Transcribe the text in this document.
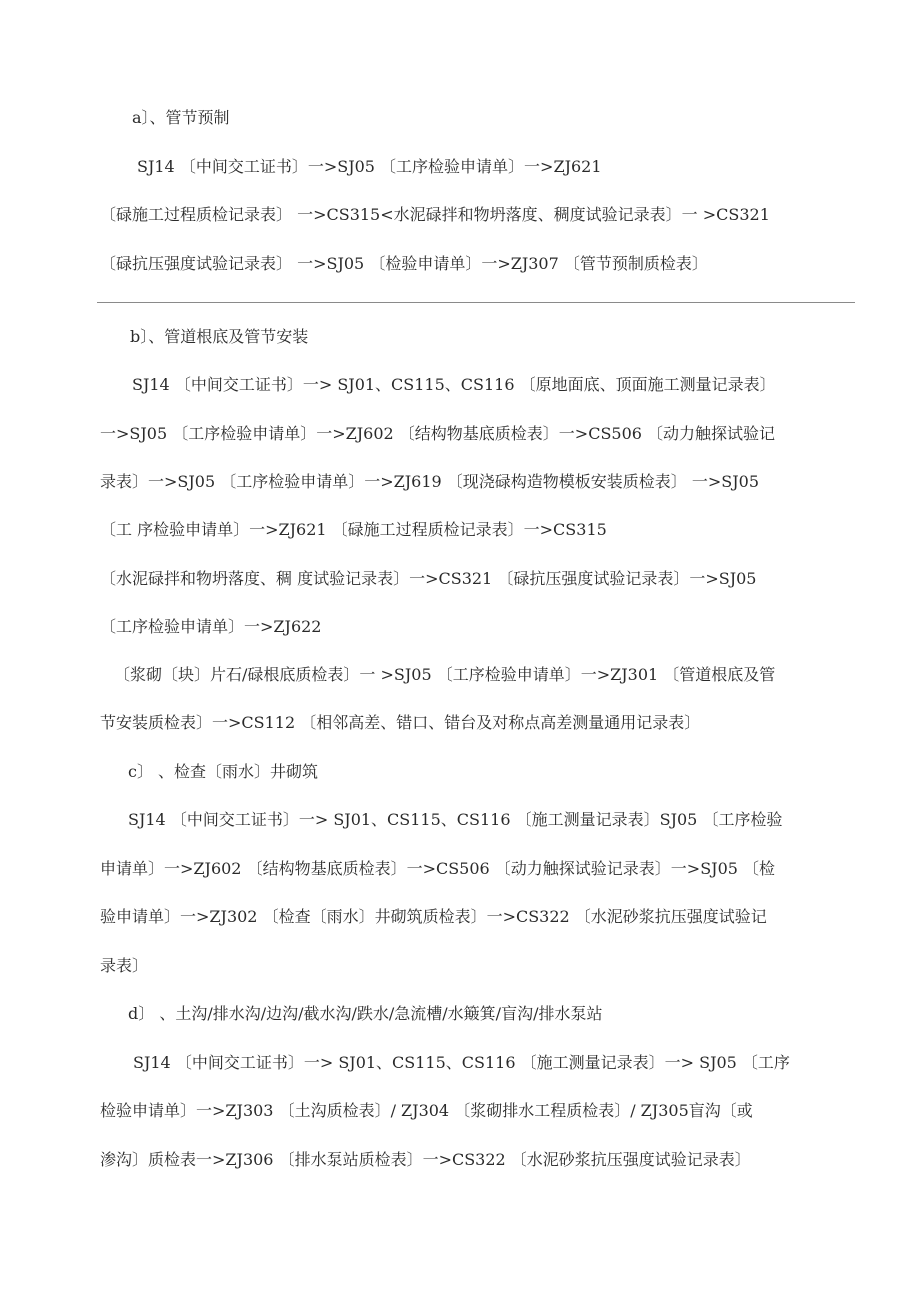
a〕、管节预制
SJ14 〔中间交工证书〕一>SJ05 〔工序检验申请单〕一>ZJ621
〔碌施工过程质检记录表〕 一>CS315<水泥碌拌和物坍落度、稠度试验记录表〕一 >CS321
〔碌抗压强度试验记录表〕 一>SJ05 〔检验申请单〕一>ZJ307 〔管节预制质检表〕
b〕、管道根底及管节安装
SJ14 〔中间交工证书〕一> SJ01、CS115、CS116 〔原地面底、顶面施工测量记录表〕
一>SJ05 〔工序检验申请单〕一>ZJ602 〔结构物基底质检表〕一>CS506 〔动力触探试验记
录表〕一>SJ05 〔工序检验申请单〕一>ZJ619 〔现浇碌构造物模板安装质检表〕 一>SJ05
〔工 序检验申请单〕一>ZJ621 〔碌施工过程质检记录表〕一>CS315
〔水泥碌拌和物坍落度、稠 度试验记录表〕一>CS321 〔碌抗压强度试验记录表〕一>SJ05
〔工序检验申请单〕一>ZJ622
〔浆砌〔块〕片石/碌根底质检表〕一 >SJ05 〔工序检验申请单〕一>ZJ301 〔管道根底及管
节安装质检表〕一>CS112 〔相邻高差、错口、错台及对称点高差测量通用记录表〕
c〕 、检查〔雨水〕井砌筑
SJ14 〔中间交工证书〕一> SJ01、CS115、CS116 〔施工测量记录表〕SJ05 〔工序检验
申请单〕一>ZJ602 〔结构物基底质检表〕一>CS506 〔动力触探试验记录表〕一>SJ05 〔检
验申请单〕一>ZJ302 〔检查〔雨水〕井砌筑质检表〕一>CS322 〔水泥砂浆抗压强度试验记
录表〕
d〕 、土沟/排水沟/边沟/截水沟/跌水/急流槽/水簸箕/盲沟/排水泵站
SJ14 〔中间交工证书〕一> SJ01、CS115、CS116 〔施工测量记录表〕一> SJ05 〔工序
检验申请单〕一>ZJ303 〔土沟质检表〕/ ZJ304 〔浆砌排水工程质检表〕/ ZJ305盲沟〔或
渗沟〕质检表一>ZJ306 〔排水泵站质检表〕一>CS322 〔水泥砂浆抗压强度试验记录表〕
